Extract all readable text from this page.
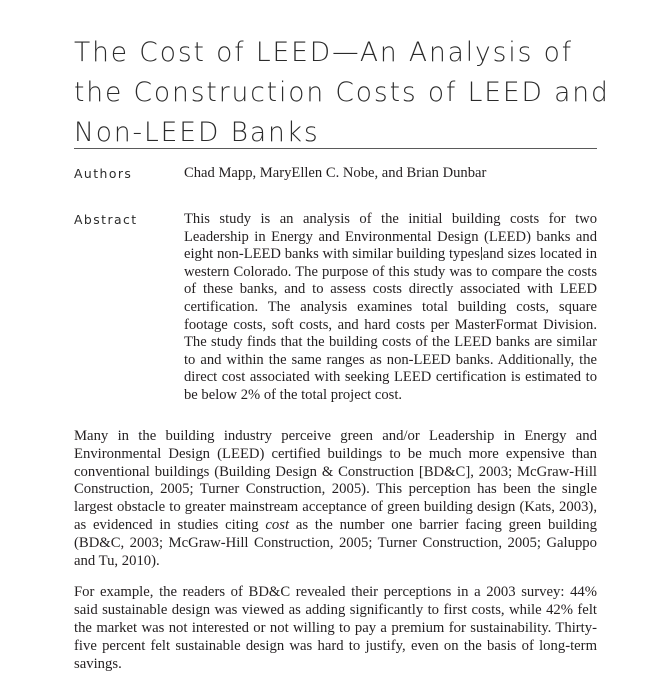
The Cost of LEED—An Analysis of
the Construction Costs of LEED and
Non-LEED Banks
Authors	Chad Mapp, MaryEllen C. Nobe, and Brian Dunbar
Abstract	This study is an analysis of the initial building costs for two Leadership in Energy and Environmental Design (LEED) banks and eight non-LEED banks with similar building types and sizes located in western Colorado. The purpose of this study was to compare the costs of these banks, and to assess costs directly associated with LEED certification. The analysis examines total building costs, square footage costs, soft costs, and hard costs per MasterFormat Division. The study finds that the building costs of the LEED banks are similar to and within the same ranges as non-LEED banks. Additionally, the direct cost associated with seeking LEED certification is estimated to be below 2% of the total project cost.

Many in the building industry perceive green and/or Leadership in Energy and Environmental Design (LEED) certified buildings to be much more expensive than conventional buildings (Building Design & Construction [BD&C], 2003; McGraw-Hill Construction, 2005; Turner Construction, 2005). This perception has been the single largest obstacle to greater mainstream acceptance of green building design (Kats, 2003), as evidenced in studies citing cost as the number one barrier facing green building (BD&C, 2003; McGraw-Hill Construction, 2005; Turner Construction, 2005; Galuppo and Tu, 2010).

For example, the readers of BD&C revealed their perceptions in a 2003 survey: 44% said sustainable design was viewed as adding significantly to first costs, while 42% felt the market was not interested or not willing to pay a premium for sustainability. Thirty-five percent felt sustainable design was hard to justify, even on the basis of long-term savings.
